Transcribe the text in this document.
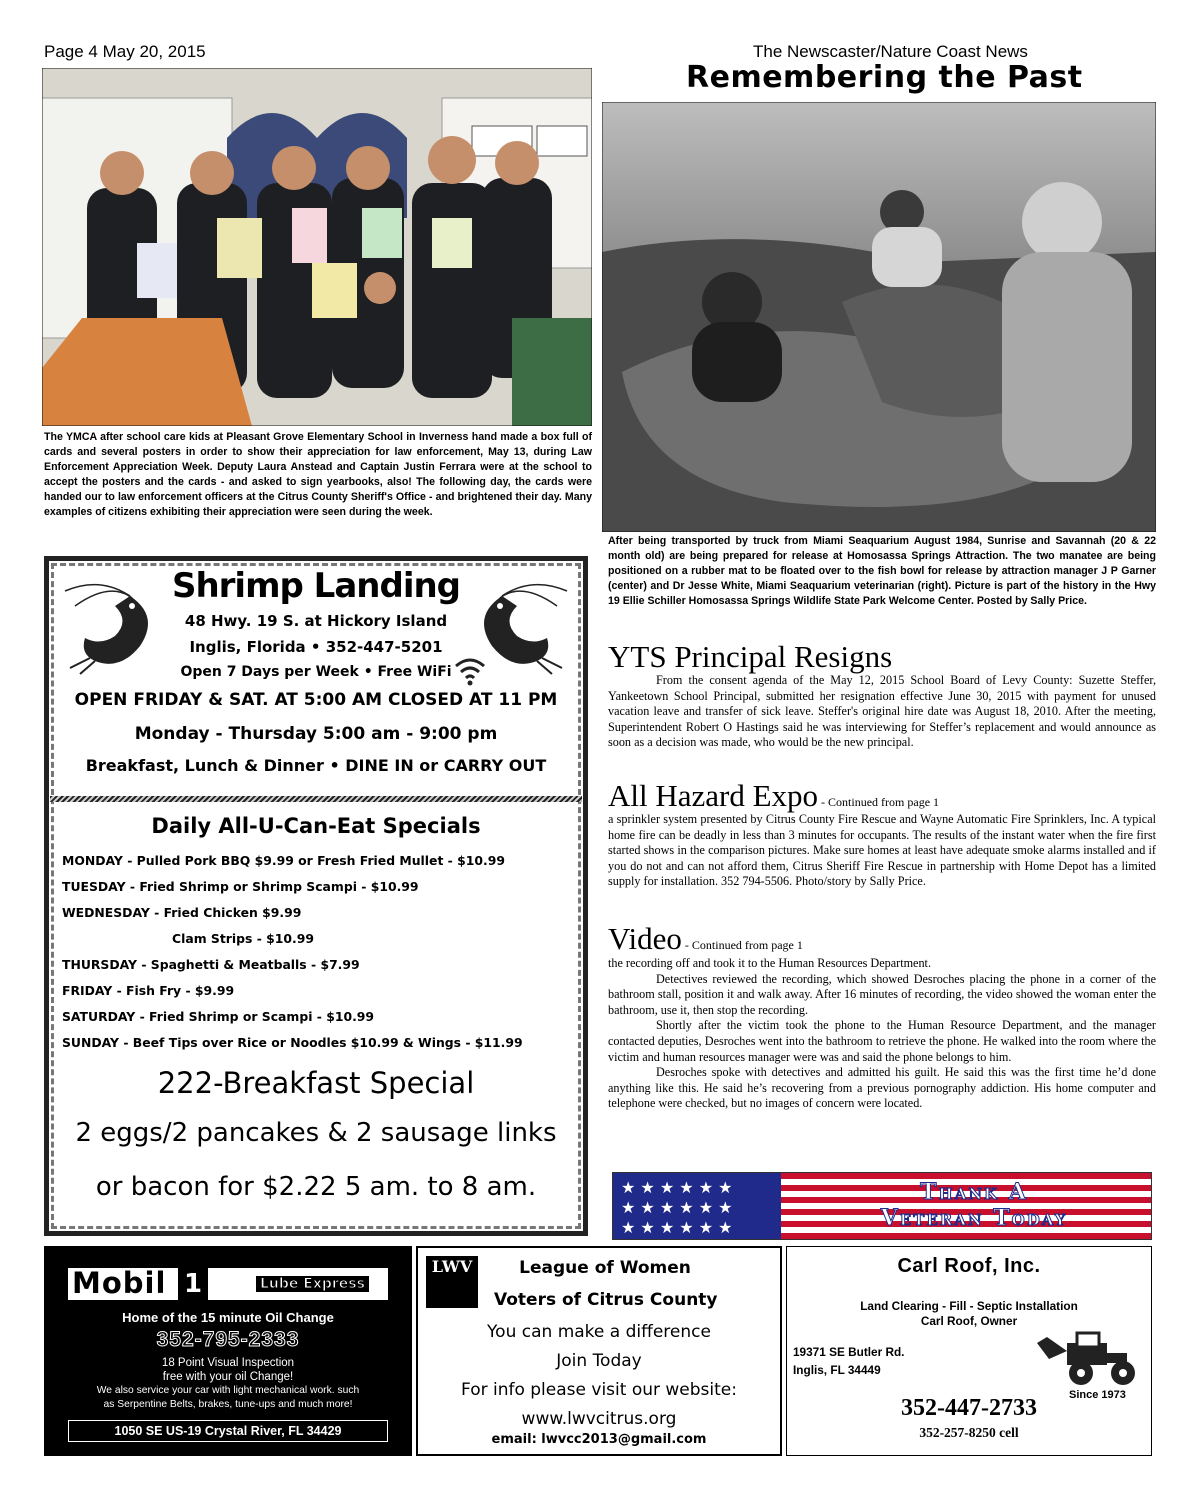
Page 4 May 20, 2015	The Newscaster/Nature Coast News
Remembering the Past
The YMCA after school care kids at Pleasant Grove Elementary School in Inverness hand made a box full of cards and several posters in order to show their appreciation for law enforcement, May 13, during Law Enforcement Appreciation Week. Deputy Laura Anstead and Captain Justin Ferrara were at the school to accept the posters and the cards - and asked to sign yearbooks, also! The following day, the cards were handed our to law enforcement officers at the Citrus County Sheriff's Office - and brightened their day. Many examples of citizens exhibiting their appreciation were seen during the week.
After being transported by truck from Miami Seaquarium August 1984, Sunrise and Savannah (20 & 22 month old) are being prepared for release at Homosassa Springs Attraction. The two manatee are being positioned on a rubber mat to be floated over to the fish bowl for release by attraction manager J P Garner (center) and Dr Jesse White, Miami Seaquarium veterinarian (right). Picture is part of the history in the Hwy 19 Ellie Schiller Homosassa Springs Wildlife State Park Welcome Center. Posted by Sally Price.
YTS Principal Resigns

From the consent agenda of the May 12, 2015 School Board of Levy County: Suzette Steffer, Yankeetown School Principal, submitted her resignation effective June 30, 2015 with payment for unused vacation leave and transfer of sick leave. Steffer's original hire date was August 18, 2010. After the meeting, Superintendent Robert O Hastings said he was interviewing for Steffer’s replacement and would announce as soon as a decision was made, who would be the new principal.

All Hazard Expo - Continued from page 1
a sprinkler system presented by Citrus County Fire Rescue and Wayne Automatic Fire Sprinklers, Inc. A typical home fire can be deadly in less than 3 minutes for occupants. The results of the instant water when the fire first started shows in the comparison pictures. Make sure homes at least have adequate smoke alarms installed and if you do not and can not afford them, Citrus Sheriff Fire Rescue in partnership with Home Depot has a limited supply for installation. 352 794-5506. Photo/story by Sally Price.
Video - Continued from page 1
the recording off and took it to the Human Resources Department.

Detectives reviewed the recording, which showed Desroches placing the phone in a corner of the bathroom stall, position it and walk away. After 16 minutes of recording, the video showed the woman enter the bathroom, use it, then stop the recording.

Shortly after the victim took the phone to the Human Resource Department, and the manager contacted deputies, Desroches went into the bathroom to retrieve the phone. He walked into the room where the victim and human resources manager were was and said the phone belongs to him.

Desroches spoke with detectives and admitted his guilt. He said this was the first time he’d done anything like this. He said he’s recovering from a previous pornography addiction. His home computer and telephone were checked, but no images of concern were located.

★ ★ ★ ★ ★ ★
★ ★ ★ ★ ★ ★
★ ★ ★ ★ ★ ★
Thank A
Veteran Today
Shrimp Landing
48 Hwy. 19 S. at Hickory Island
Inglis, Florida • 352-447-5201
Open 7 Days per Week • Free WiFi
OPEN FRIDAY & SAT. AT 5:00 AM CLOSED AT 11 PM
Monday - Thursday 5:00 am - 9:00 pm
Breakfast, Lunch & Dinner • DINE IN or CARRY OUT
Daily All-U-Can-Eat Specials
MONDAY - Pulled Pork BBQ $9.99 or Fresh Fried Mullet - $10.99
TUESDAY - Fried Shrimp or Shrimp Scampi - $10.99
WEDNESDAY - Fried Chicken $9.99
Clam Strips - $10.99
THURSDAY - Spaghetti & Meatballs - $7.99
FRIDAY - Fish Fry - $9.99
SATURDAY - Fried Shrimp or Scampi - $10.99
SUNDAY - Beef Tips over Rice or Noodles $10.99 & Wings - $11.99
222-Breakfast Special
2 eggs/2 pancakes & 2 sausage links
or bacon for $2.22 5 am. to 8 am.
Mobil 1	Lube Express
Home of the 15 minute Oil Change
352-795-2333
18 Point Visual Inspection
free with your oil Change!
We also service your car with light mechanical work. such
as Serpentine Belts, brakes, tune-ups and much more!
1050 SE US-19 Crystal River, FL 34429
LWV	League of Women
Voters of Citrus County
You can make a difference
Join Today
For info please visit our website:
www.lwvcitrus.org
email: lwvcc2013@gmail.com
Carl Roof, Inc.
Land Clearing - Fill - Septic Installation
Carl Roof, Owner
19371 SE Butler Rd.
Inglis, FL 34449
Since 1973
352-447-2733
352-257-8250 cell
